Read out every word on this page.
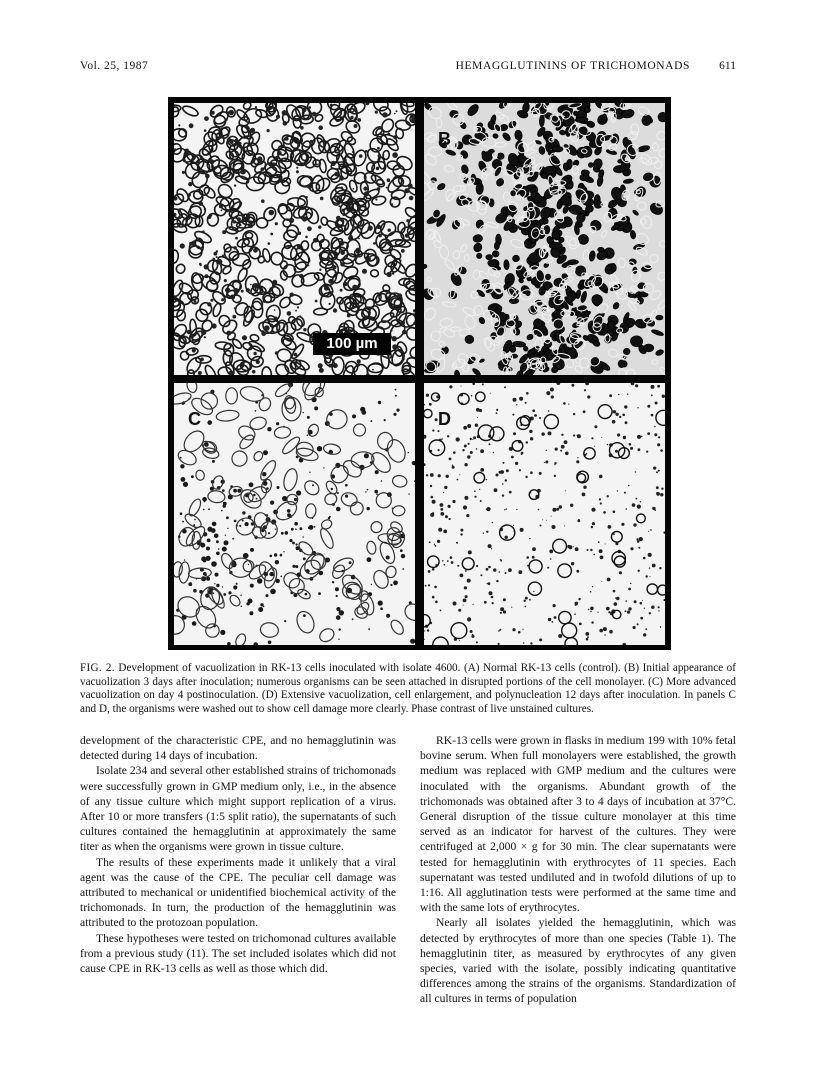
Vol. 25, 1987	HEMAGGLUTININS OF TRICHOMONADS	611
100 µm
B
C	D
FIG. 2. Development of vacuolization in RK-13 cells inoculated with isolate 4600. (A) Normal RK-13 cells (control). (B) Initial appearance of vacuolization 3 days after inoculation; numerous organisms can be seen attached in disrupted portions of the cell monolayer. (C) More advanced vacuolization on day 4 postinoculation. (D) Extensive vacuolization, cell enlargement, and polynucleation 12 days after inoculation. In panels C and D, the organisms were washed out to show cell damage more clearly. Phase contrast of live unstained cultures.

development of the characteristic CPE, and no hemagglutinin was detected during 14 days of incubation.

Isolate 234 and several other established strains of trichomonads were successfully grown in GMP medium only, i.e., in the absence of any tissue culture which might support replication of a virus. After 10 or more transfers (1:5 split ratio), the supernatants of such cultures contained the hemagglutinin at approximately the same titer as when the organisms were grown in tissue culture.

The results of these experiments made it unlikely that a viral agent was the cause of the CPE. The peculiar cell damage was attributed to mechanical or unidentified biochemical activity of the trichomonads. In turn, the production of the hemagglutinin was attributed to the protozoan population.

These hypotheses were tested on trichomonad cultures available from a previous study (11). The set included isolates which did not cause CPE in RK-13 cells as well as those which did.

RK-13 cells were grown in flasks in medium 199 with 10% fetal bovine serum. When full monolayers were established, the growth medium was replaced with GMP medium and the cultures were inoculated with the organisms. Abundant growth of the trichomonads was obtained after 3 to 4 days of incubation at 37°C. General disruption of the tissue culture monolayer at this time served as an indicator for harvest of the cultures. They were centrifuged at 2,000 × g for 30 min. The clear supernatants were tested for hemagglutinin with erythrocytes of 11 species. Each supernatant was tested undiluted and in twofold dilutions of up to 1:16. All agglutination tests were performed at the same time and with the same lots of erythrocytes.

Nearly all isolates yielded the hemagglutinin, which was detected by erythrocytes of more than one species (Table 1). The hemagglutinin titer, as measured by erythrocytes of any given species, varied with the isolate, possibly indicating quantitative differences among the strains of the organisms. Standardization of all cultures in terms of population
